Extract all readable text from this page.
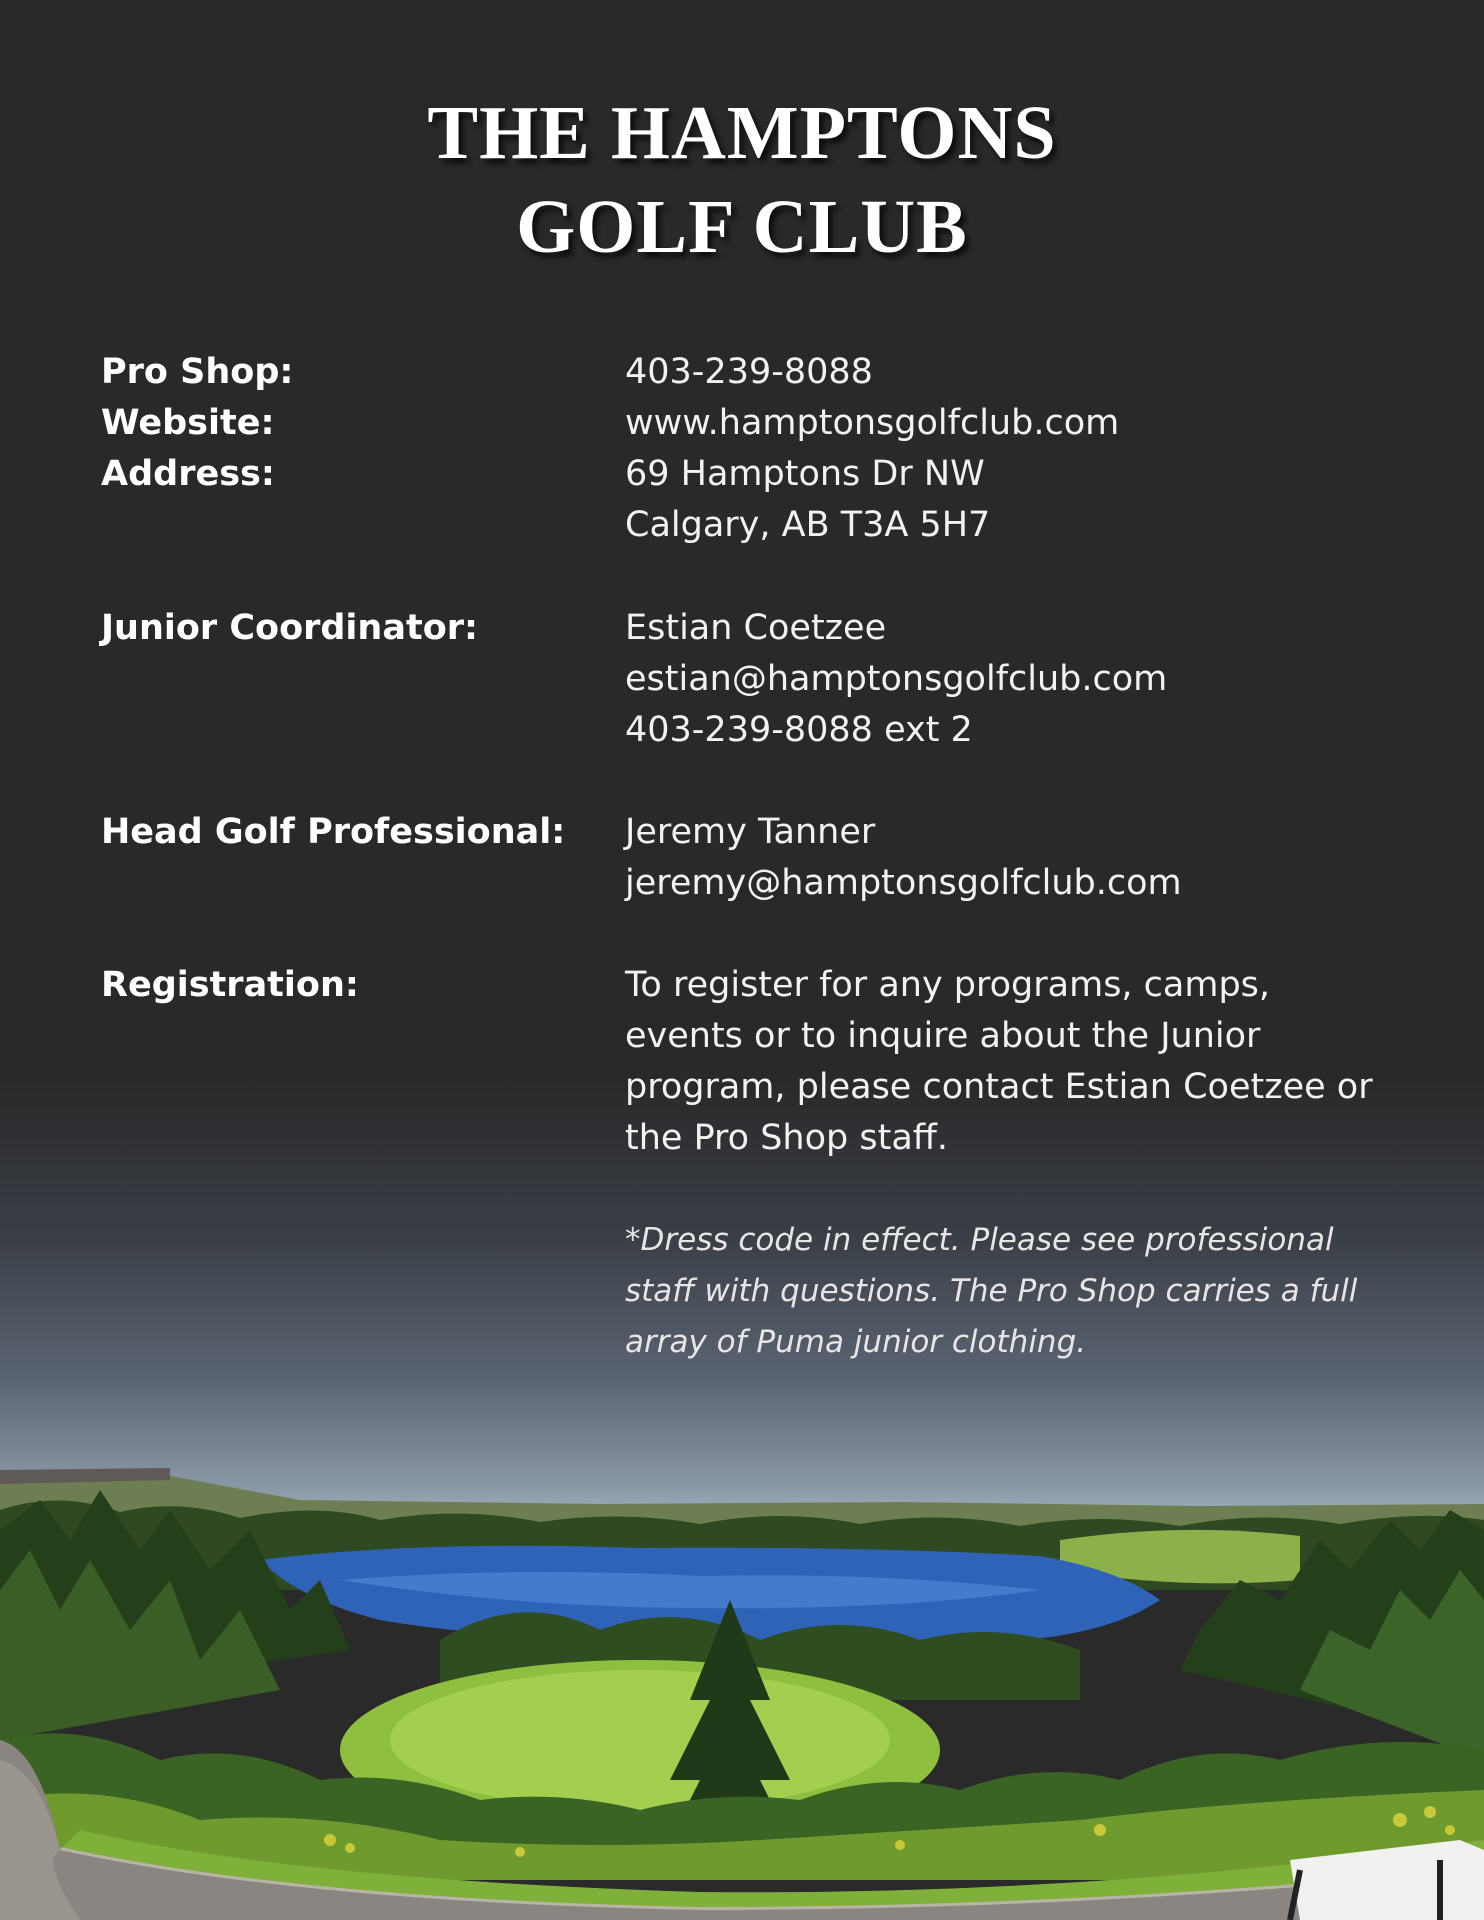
THE HAMPTONS
GOLF CLUB
Pro Shop:
Website:
Address:
403-239-8088
www.hamptonsgolfclub.com
69 Hamptons Dr NW
Calgary, AB T3A 5H7
Junior Coordinator:	Estian Coetzee
estian@hamptonsgolfclub.com
403-239-8088 ext 2
Head Golf Professional: Jeremy Tanner
jeremy@hamptonsgolfclub.com
Registration:	To register for any programs, camps, events or to inquire about the Junior program, please contact Estian Coetzee or the Pro Shop staff.
*Dress code in effect. Please see professional staff with questions. The Pro Shop carries a full array of Puma junior clothing.
